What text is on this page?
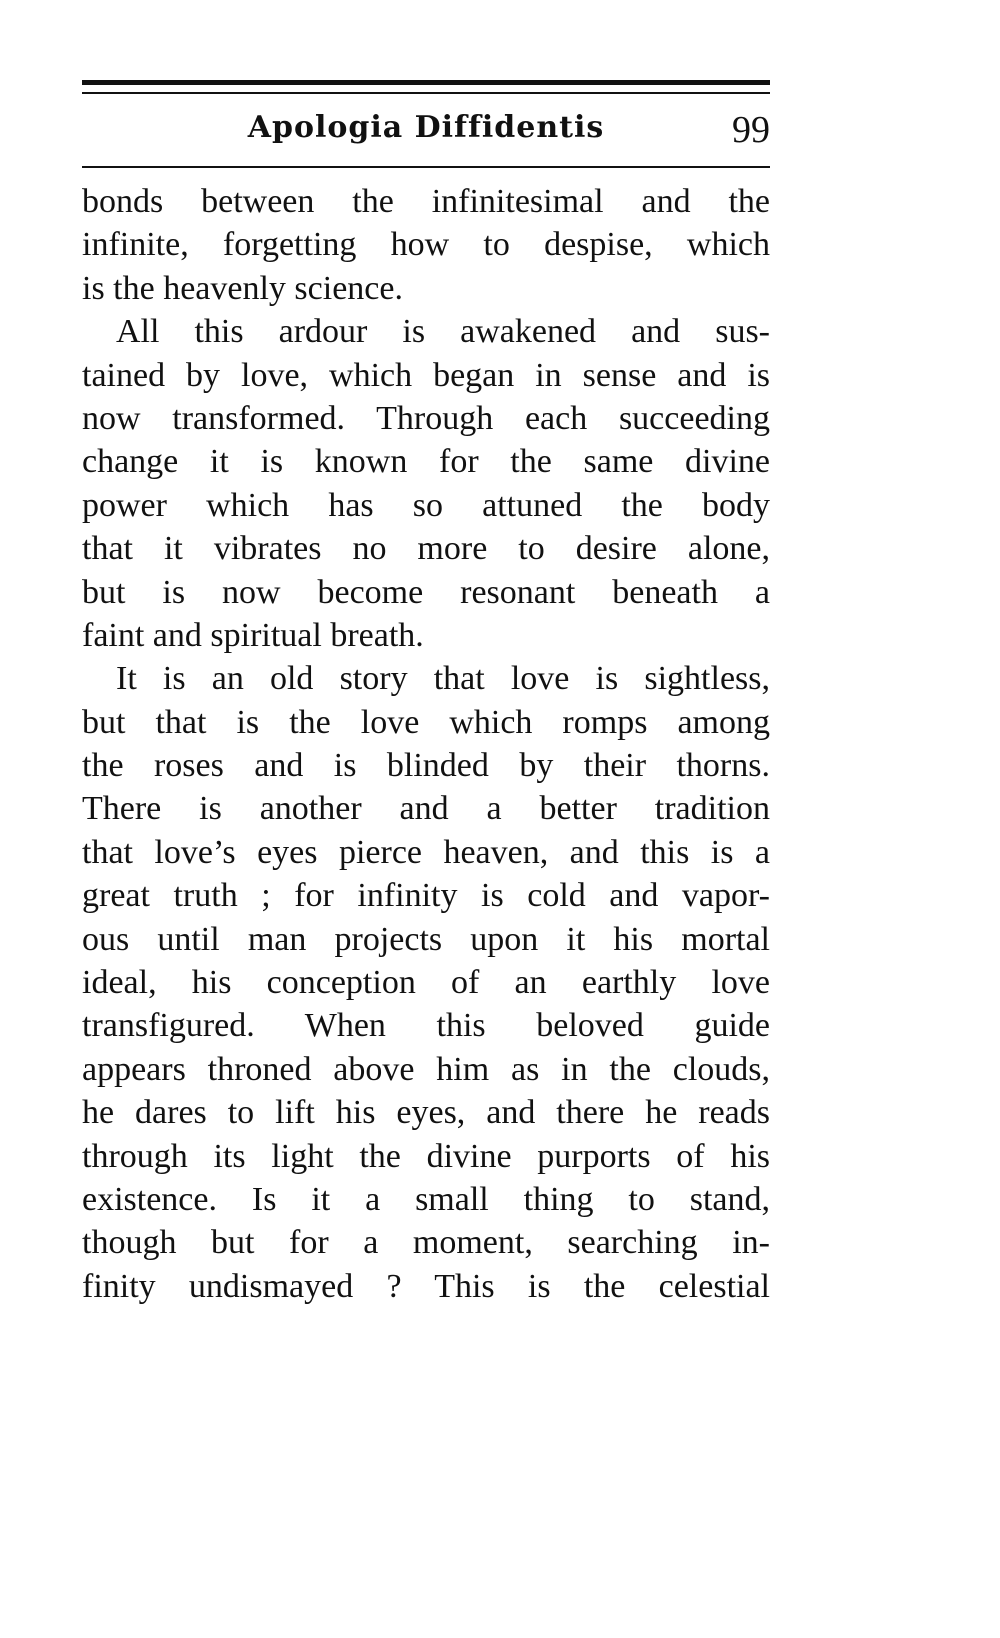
Apologia Diffidentis	99
bonds between the infinitesimal and the
infinite, forgetting how to despise, which
is the heavenly science.
All this ardour is awakened and sus-
tained by love, which began in sense and is
now transformed. Through each succeeding
change it is known for the same divine
power which has so attuned the body
that it vibrates no more to desire alone,
but is now become resonant beneath a
faint and spiritual breath.
It is an old story that love is sightless,
but that is the love which romps among
the roses and is blinded by their thorns.
There is another and a better tradition
that love’s eyes pierce heaven, and this is a
great truth ; for infinity is cold and vapor-
ous until man projects upon it his mortal
ideal, his conception of an earthly love
transfigured. When this beloved guide
appears throned above him as in the clouds,
he dares to lift his eyes, and there he reads
through its light the divine purports of his
existence. Is it a small thing to stand,
though but for a moment, searching in-
finity undismayed ? This is the celestial
